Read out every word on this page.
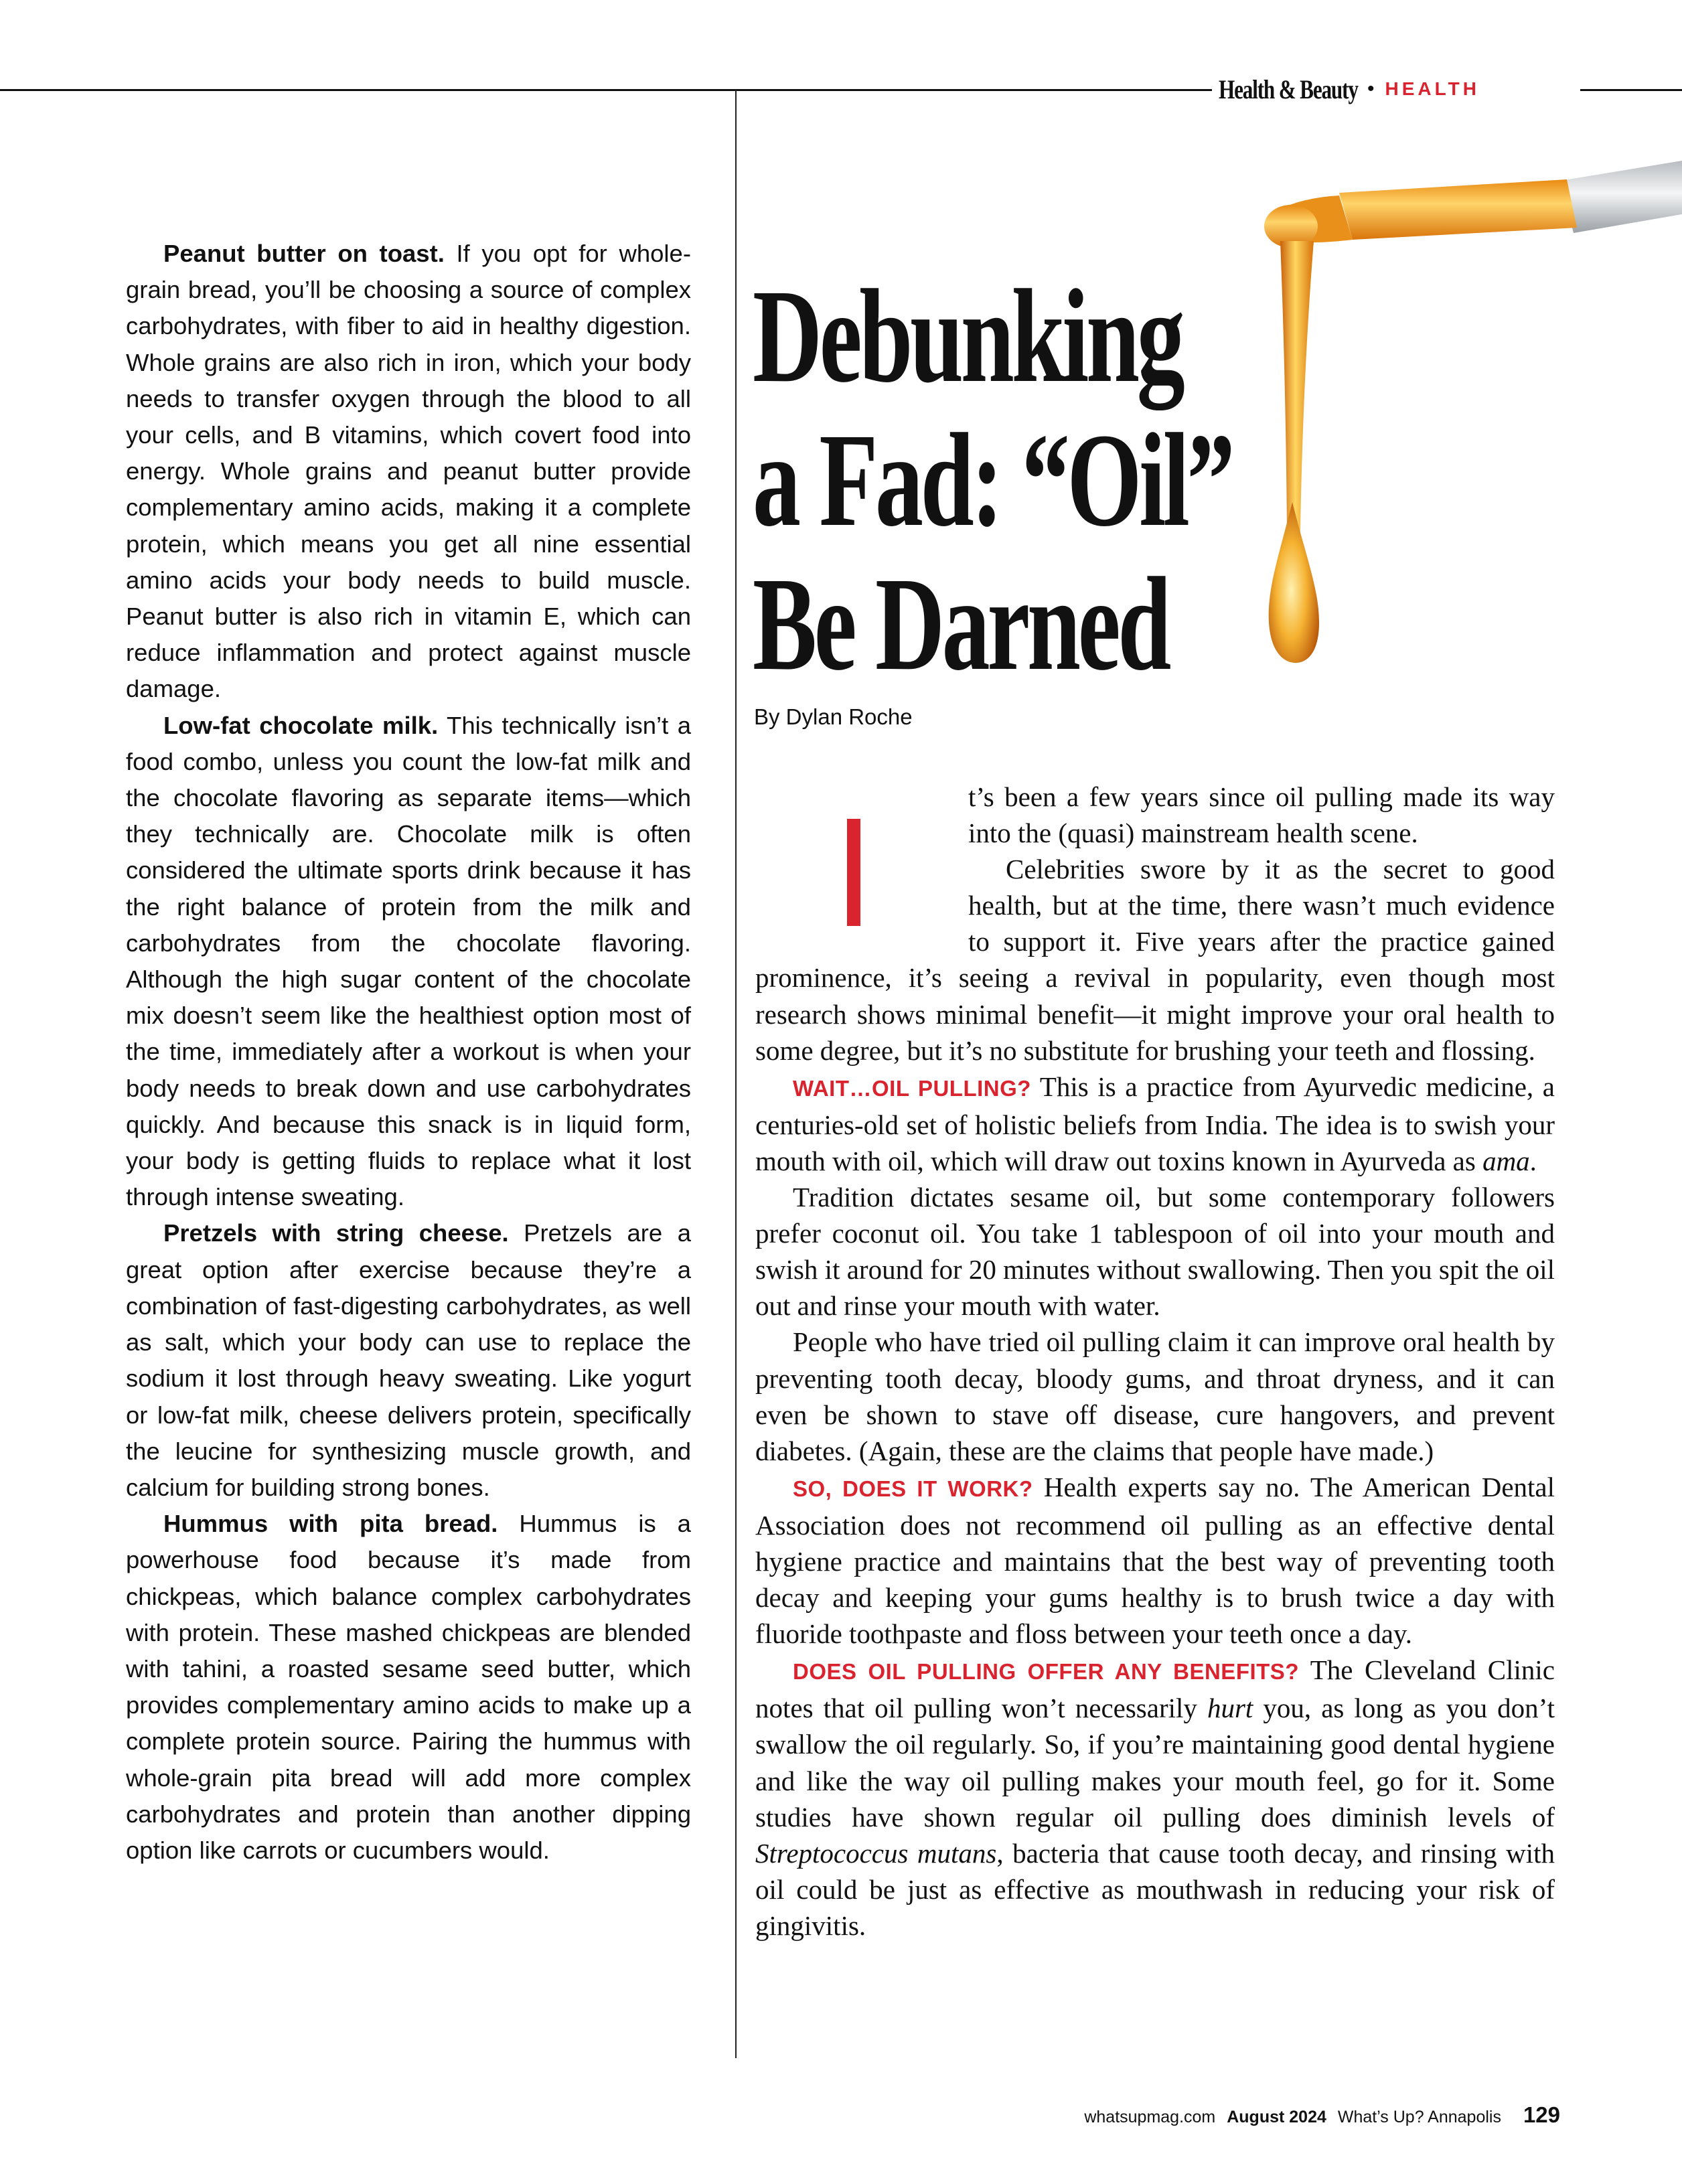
Health & Beauty • HEALTH

Peanut butter on toast. If you opt for whole-grain bread, you’ll be choosing a source of complex carbohydrates, with fiber to aid in healthy digestion. Whole grains are also rich in iron, which your body needs to transfer oxygen through the blood to all your cells, and B vitamins, which covert food into energy. Whole grains and peanut butter provide complementary amino acids, making it a complete protein, which means you get all nine essential amino acids your body needs to build muscle. Peanut butter is also rich in vitamin E, which can reduce inflammation and protect against muscle damage.

Low-fat chocolate milk. This technically isn’t a food combo, unless you count the low-fat milk and the chocolate flavoring as separate items—which they technically are. Chocolate milk is often considered the ultimate sports drink because it has the right balance of protein from the milk and carbohydrates from the chocolate flavoring. Although the high sugar content of the chocolate mix doesn’t seem like the healthiest option most of the time, immediately after a workout is when your body needs to break down and use carbohydrates quickly. And because this snack is in liquid form, your body is getting fluids to replace what it lost through intense sweating.

Pretzels with string cheese. Pretzels are a great option after exercise because they’re a combination of fast-digesting carbohydrates, as well as salt, which your body can use to replace the sodium it lost through heavy sweating. Like yogurt or low-fat milk, cheese delivers protein, specifically the leucine for synthesizing muscle growth, and calcium for building strong bones.

Hummus with pita bread. Hummus is a powerhouse food because it’s made from chickpeas, which balance complex carbohydrates with protein. These mashed chickpeas are blended with tahini, a roasted sesame seed butter, which provides complementary amino acids to make up a complete protein source. Pairing the hummus with whole-grain pita bread will add more complex carbohydrates and protein than another dipping option like carrots or cucumbers would.

Debunking
a Fad: “Oil”
Be Darned
By Dylan Roche

t’s been a few years since oil pulling made its way into the (quasi) mainstream health scene.

Celebrities swore by it as the secret to good health, but at the time, there wasn’t much evidence to support it. Five years after the practice gained prominence, it’s seeing a revival in popularity, even though most research shows minimal benefit—it might improve your oral health to some degree, but it’s no substitute for brushing your teeth and flossing.

WAIT…OIL PULLING? This is a practice from Ayurvedic medicine, a centuries-old set of holistic beliefs from India. The idea is to swish your mouth with oil, which will draw out toxins known in Ayurveda as ama.

Tradition dictates sesame oil, but some contemporary followers prefer coconut oil. You take 1 tablespoon of oil into your mouth and swish it around for 20 minutes without swallowing. Then you spit the oil out and rinse your mouth with water.

People who have tried oil pulling claim it can improve oral health by preventing tooth decay, bloody gums, and throat dryness, and it can even be shown to stave off disease, cure hangovers, and prevent diabetes. (Again, these are the claims that people have made.)

SO, DOES IT WORK? Health experts say no. The American Dental Association does not recommend oil pulling as an effective dental hygiene practice and maintains that the best way of preventing tooth decay and keeping your gums healthy is to brush twice a day with fluoride toothpaste and floss between your teeth once a day.

DOES OIL PULLING OFFER ANY BENEFITS? The Cleveland Clinic notes that oil pulling won’t necessarily hurt you, as long as you don’t swallow the oil regularly. So, if you’re maintaining good dental hygiene and like the way oil pulling makes your mouth feel, go for it. Some studies have shown regular oil pulling does diminish levels of Streptococcus mutans, bacteria that cause tooth decay, and rinsing with oil could be just as effective as mouthwash in reducing your risk of gingivitis.

whatsupmag.com August 2024 What’s Up? Annapolis 129
